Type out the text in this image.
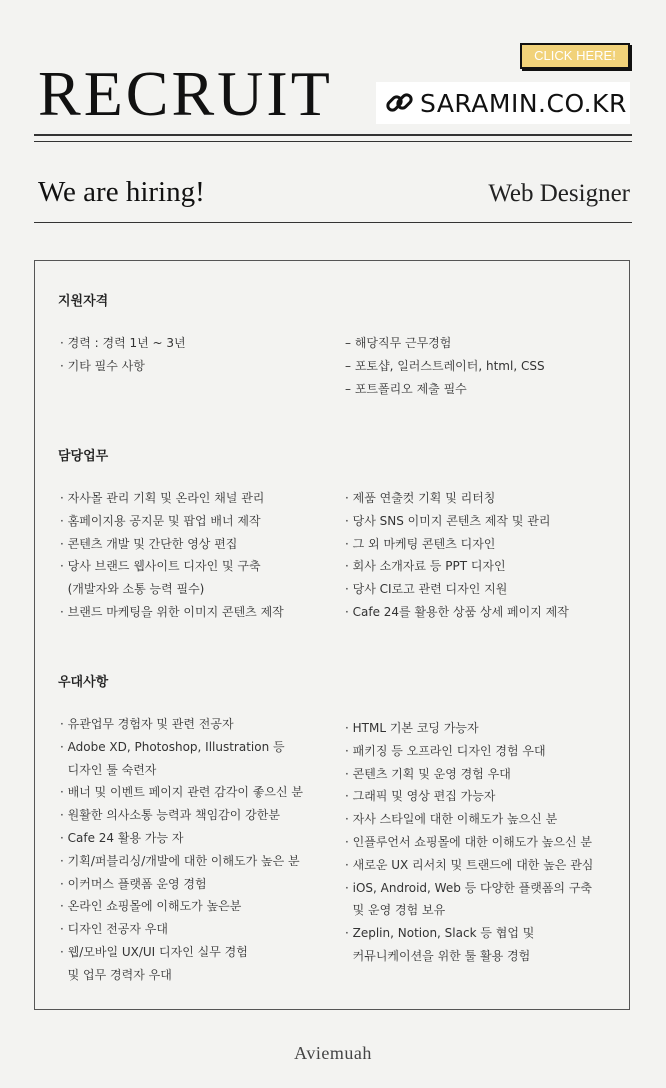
RECRUIT
CLICK HERE!
SARAMIN.CO.KR
We are hiring!	Web Designer
지원자격
· 경력 : 경력 1년 ~ 3년
· 기타 필수 사항
– 해당직무 근무경험
– 포토샵, 일러스트레이터, html, CSS
– 포트폴리오 제출 필수
담당업무
· 자사몰 관리 기획 및 온라인 채널 관리
· 홈페이지용 공지문 및 팝업 배너 제작
· 콘텐츠 개발 및 간단한 영상 편집
· 당사 브랜드 웹사이트 디자인 및 구축
(개발자와 소통 능력 필수)
· 브랜드 마케팅을 위한 이미지 콘텐츠 제작
· 제품 연출컷 기획 및 리터칭
· 당사 SNS 이미지 콘텐츠 제작 및 관리
· 그 외 마케팅 콘텐츠 디자인
· 회사 소개자료 등 PPT 디자인
· 당사 CI로고 관련 디자인 지원
· Cafe 24를 활용한 상품 상세 페이지 제작
우대사항
· 유관업무 경험자 및 관련 전공자
· Adobe XD, Photoshop, Illustration 등
디자인 툴 숙련자
· 배너 및 이벤트 페이지 관련 감각이 좋으신 분
· 원활한 의사소통 능력과 책임감이 강한분
· Cafe 24 활용 가능 자
· 기획/퍼블리싱/개발에 대한 이해도가 높은 분
· 이커머스 플랫폼 운영 경험
· 온라인 쇼핑몰에 이해도가 높은분
· 디자인 전공자 우대
· 웹/모바일 UX/UI 디자인 실무 경험
및 업무 경력자 우대
· HTML 기본 코딩 가능자
· 패키징 등 오프라인 디자인 경험 우대
· 콘텐츠 기획 및 운영 경험 우대
· 그래픽 및 영상 편집 가능자
· 자사 스타일에 대한 이해도가 높으신 분
· 인플루언서 쇼핑몰에 대한 이해도가 높으신 분
· 새로운 UX 리서치 및 트랜드에 대한 높은 관심
· iOS, Android, Web 등 다양한 플랫폼의 구축
및 운영 경험 보유
· Zeplin, Notion, Slack 등 협업 및
커뮤니케이션을 위한 툴 활용 경험
Aviemuah
